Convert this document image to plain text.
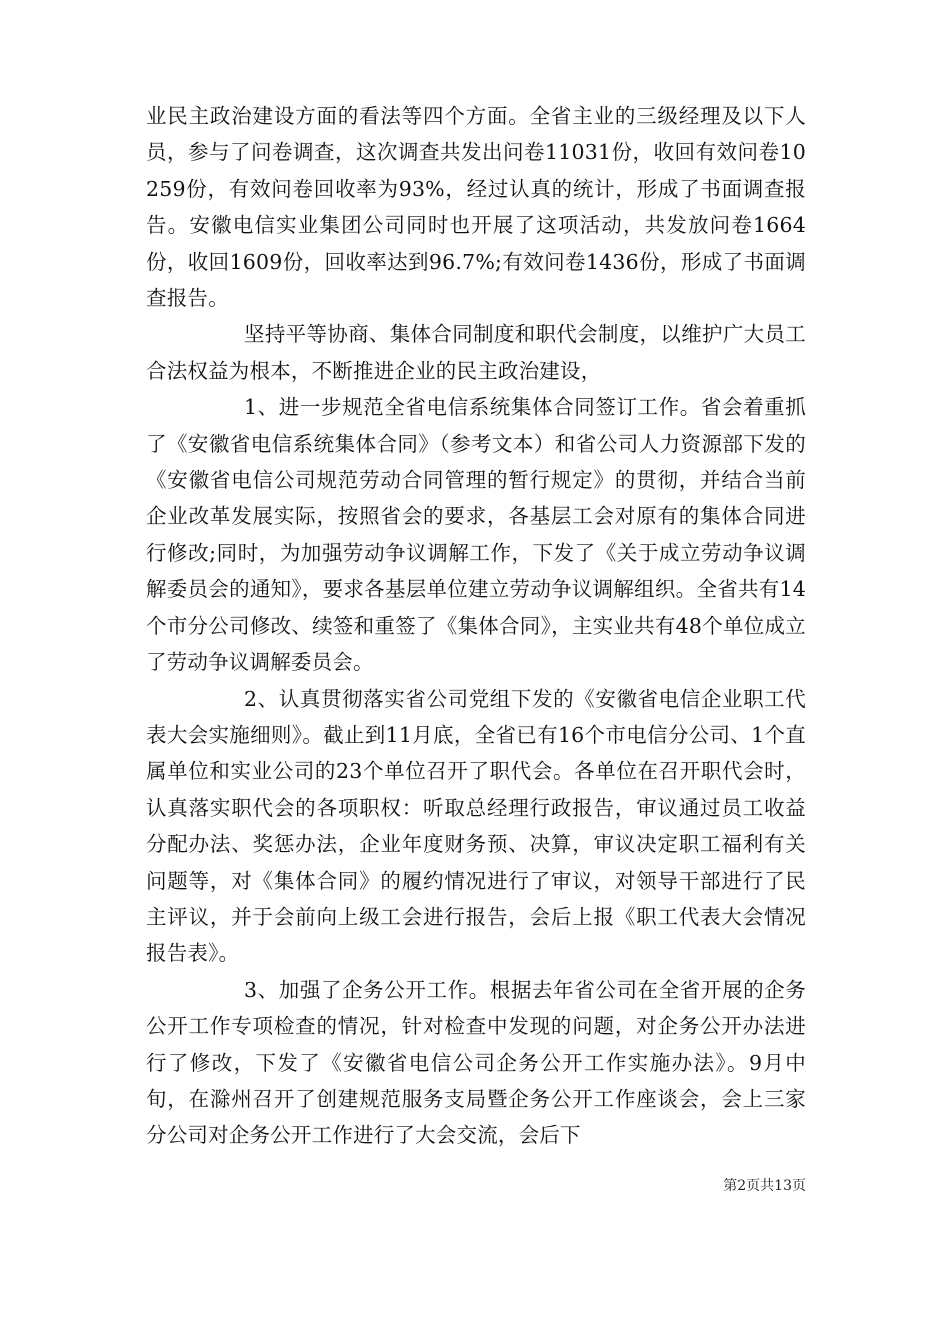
业民主政治建设方面的看法等四个方面。全省主业的三级经理及以下人员，参与了问卷调查，这次调查共发出问卷11031份，收回有效问卷10259份，有效问卷回收率为93%，经过认真的统计，形成了书面调查报告。安徽电信实业集团公司同时也开展了这项活动，共发放问卷1664份，收回1609份，回收率达到96.7%;有效问卷1436份，形成了书面调查报告。

坚持平等协商、集体合同制度和职代会制度，以维护广大员工合法权益为根本，不断推进企业的民主政治建设，

1、进一步规范全省电信系统集体合同签订工作。省会着重抓了《安徽省电信系统集体合同》（参考文本）和省公司人力资源部下发的《安徽省电信公司规范劳动合同管理的暂行规定》的贯彻，并结合当前企业改革发展实际，按照省会的要求，各基层工会对原有的集体合同进行修改;同时，为加强劳动争议调解工作，下发了《关于成立劳动争议调解委员会的通知》，要求各基层单位建立劳动争议调解组织。全省共有14个市分公司修改、续签和重签了《集体合同》，主实业共有48个单位成立了劳动争议调解委员会。

2、认真贯彻落实省公司党组下发的《安徽省电信企业职工代表大会实施细则》。截止到11月底，全省已有16个市电信分公司、1个直属单位和实业公司的23个单位召开了职代会。各单位在召开职代会时，认真落实职代会的各项职权：听取总经理行政报告，审议通过员工收益分配办法、奖惩办法，企业年度财务预、决算，审议决定职工福利有关问题等，对《集体合同》的履约情况进行了审议，对领导干部进行了民主评议，并于会前向上级工会进行报告，会后上报《职工代表大会情况报告表》。

3、加强了企务公开工作。根据去年省公司在全省开展的企务公开工作专项检查的情况，针对检查中发现的问题，对企务公开办法进行了修改，下发了《安徽省电信公司企务公开工作实施办法》。9月中旬，在滁州召开了创建规范服务支局暨企务公开工作座谈会，会上三家分公司对企务公开工作进行了大会交流，会后下

第2页共13页
